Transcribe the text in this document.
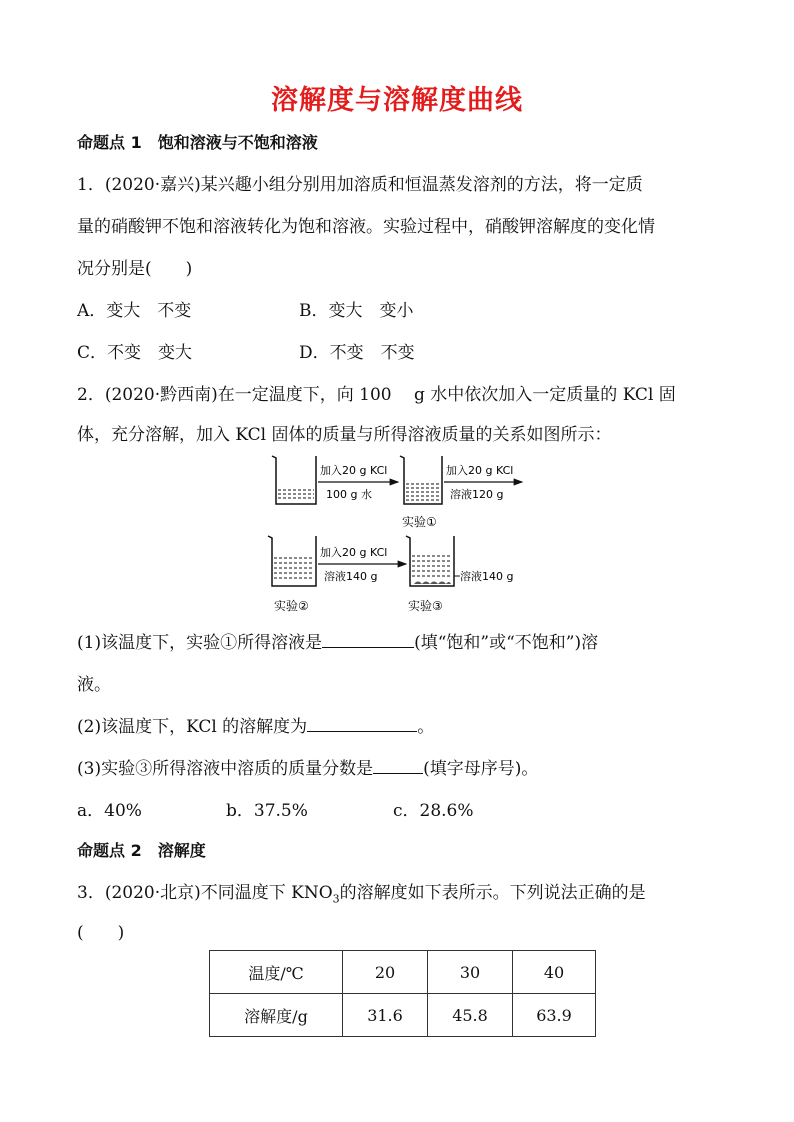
溶解度与溶解度曲线
命题点 1　饱和溶液与不饱和溶液
1．(2020·嘉兴)某兴趣小组分别用加溶质和恒温蒸发溶剂的方法，将一定质
量的硝酸钾不饱和溶液转化为饱和溶液。实验过程中，硝酸钾溶解度的变化情
况分别是(　　)
A．变大　不变	B．变大　变小
C．不变　变大	D．不变　不变
2．(2020·黔西南)在一定温度下，向 100　 g 水中依次加入一定质量的 KCl 固
体，充分溶解，加入 KCl 固体的质量与所得溶液质量的关系如图所示：
加入20 g KCl
100 g 水
加入20 g KCl
溶液120 g
实验①
加入20 g KCl
溶液140 g	溶液140 g
实验②	实验③
(1)该温度下，实验①所得溶液是	(填“饱和”或“不饱和”)溶
液。
(2)该温度下，KCl 的溶解度为	。
(3)实验③所得溶液中溶质的质量分数是	(填字母序号)。
a．40%	b．37.5%	c．28.6%
命题点 2　溶解度
3．(2020·北京)不同温度下 $KNO_3$的溶解度如下表所示。下列说法正确的是
(　　)
温度/℃	20	30	40
溶解度/g	31.6	45.8	63.9
